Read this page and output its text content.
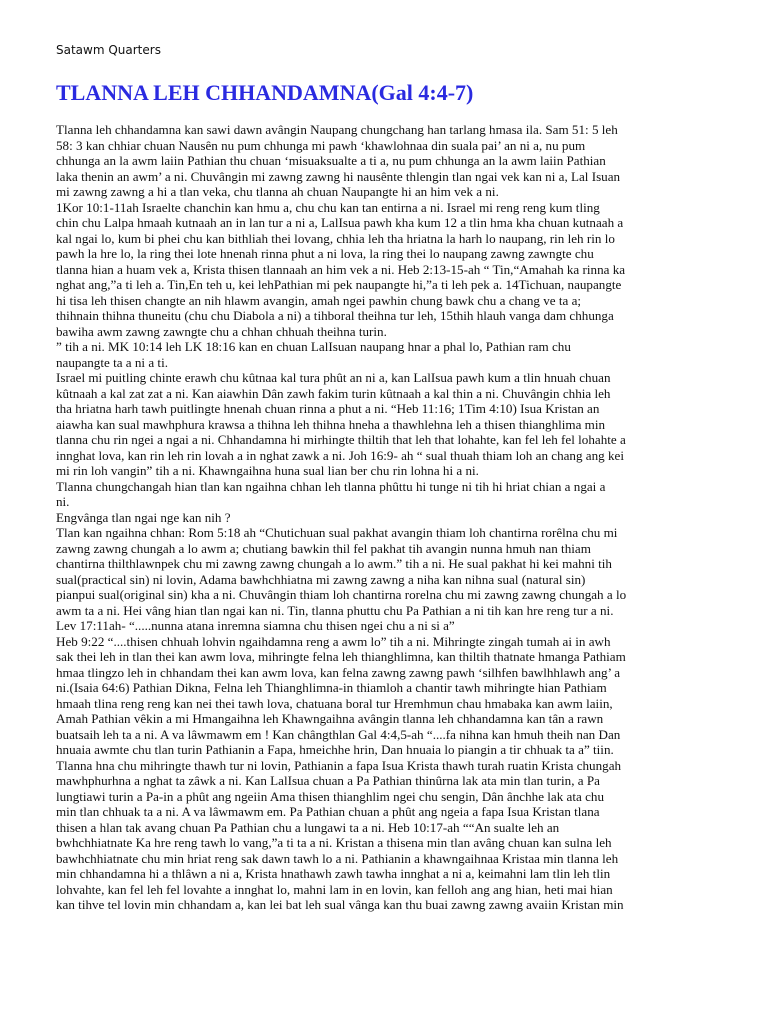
Satawm Quarters
TLANNA LEH CHHANDAMNA(Gal 4:4-7)
Tlanna leh chhandamna kan sawi dawn avângin Naupang chungchang han tarlang hmasa ila. Sam 51: 5 leh
58: 3 kan chhiar chuan Nausên nu pum chhunga mi pawh ‘khawlohnaa din suala pai’ an ni a, nu pum
chhunga an la awm laiin Pathian thu chuan ‘misuaksualte a ti a, nu pum chhunga an la awm laiin Pathian
laka thenin an awm’ a ni. Chuvângin mi zawng zawng hi nausênte thlengin tlan ngai vek kan ni a, Lal Isuan
mi zawng zawng a hi a tlan veka, chu tlanna ah chuan Naupangte hi an him vek a ni.
1Kor 10:1-11ah Israelte chanchin kan hmu a, chu chu kan tan entirna a ni. Israel mi reng reng kum tling
chin chu Lalpa hmaah kutnaah an in lan tur a ni a, LalIsua pawh kha kum 12 a tlin hma kha chuan kutnaah a
kal ngai lo, kum bi phei chu kan bithliah thei lovang, chhia leh tha hriatna la harh lo naupang, rin leh rin lo
pawh la hre lo, la ring thei lote hnenah rinna phut a ni lova, la ring thei lo naupang zawng zawngte chu
tlanna hian a huam vek a, Krista thisen tlannaah an him vek a ni. Heb 2:13-15-ah “ Tin,“Amahah ka rinna ka
nghat ang,”a ti leh a. Tin,En teh u, kei lehPathian mi pek naupangte hi,”a ti leh pek a. 14Tichuan, naupangte
hi tisa leh thisen changte an nih hlawm avangin, amah ngei pawhin chung bawk chu a chang ve ta a;
thihnain thihna thuneitu (chu chu Diabola a ni) a tihboral theihna tur leh, 15thih hlauh vanga dam chhunga
bawiha awm zawng zawngte chu a chhan chhuah theihna turin.
” tih a ni. MK 10:14 leh LK 18:16 kan en chuan LalIsuan naupang hnar a phal lo, Pathian ram chu
naupangte ta a ni a ti.
Israel mi puitling chinte erawh chu kûtnaa kal tura phût an ni a, kan LalIsua pawh kum a tlin hnuah chuan
kûtnaah a kal zat zat a ni. Kan aiawhin Dân zawh fakim turin kûtnaah a kal thin a ni. Chuvângin chhia leh
tha hriatna harh tawh puitlingte hnenah chuan rinna a phut a ni. “Heb 11:16; 1Tim 4:10) Isua Kristan an
aiawha kan sual mawhphura krawsa a thihna leh thihna hneha a thawhlehna leh a thisen thianghlima min
tlanna chu rin ngei a ngai a ni. Chhandamna hi mirhingte thiltih that leh that lohahte, kan fel leh fel lohahte a
innghat lova, kan rin leh rin lovah a in nghat zawk a ni. Joh 16:9- ah “ sual thuah thiam loh an chang ang kei
mi rin loh vangin” tih a ni. Khawngaihna huna sual lian ber chu rin lohna hi a ni.
Tlanna chungchangah hian tlan kan ngaihna chhan leh tlanna phûttu hi tunge ni tih hi hriat chian a ngai a
ni.
Engvânga tlan ngai nge kan nih ?
Tlan kan ngaihna chhan: Rom 5:18 ah “Chutichuan sual pakhat avangin thiam loh chantirna rorêlna chu mi
zawng zawng chungah a lo awm a; chutiang bawkin thil fel pakhat tih avangin nunna hmuh nan thiam
chantirna thilthlawnpek chu mi zawng zawng chungah a lo awm.” tih a ni. He sual pakhat hi kei mahni tih
sual(practical sin) ni lovin, Adama bawhchhiatna mi zawng zawng a niha kan nihna sual (natural sin)
pianpui sual(original sin) kha a ni. Chuvângin thiam loh chantirna rorelna chu mi zawng zawng chungah a lo
awm ta a ni. Hei vâng hian tlan ngai kan ni. Tin, tlanna phuttu chu Pa Pathian a ni tih kan hre reng tur a ni.
Lev 17:11ah- “.....nunna atana inremna siamna chu thisen ngei chu a ni si a”
Heb 9:22 “....thisen chhuah lohvin ngaihdamna reng a awm lo” tih a ni. Mihringte zingah tumah ai in awh
sak thei leh in tlan thei kan awm lova, mihringte felna leh thianghlimna, kan thiltih thatnate hmanga Pathiam
hmaa tlingzo leh in chhandam thei kan awm lova, kan felna zawng zawng pawh ‘silhfen bawlhhlawh ang’ a
ni.(Isaia 64:6) Pathian Dikna, Felna leh Thianghlimna-in thiamloh a chantir tawh mihringte hian Pathiam
hmaah tlina reng reng kan nei thei tawh lova, chatuana boral tur Hremhmun chau hmabaka kan awm laiin,
Amah Pathian vêkin a mi Hmangaihna leh Khawngaihna avângin tlanna leh chhandamna kan tân a rawn
buatsaih leh ta a ni. A va lâwmawm em ! Kan chângthlan Gal 4:4,5-ah “....fa nihna kan hmuh theih nan Dan
hnuaia awmte chu tlan turin Pathianin a Fapa, hmeichhe hrin, Dan hnuaia lo piangin a tir chhuak ta a” tiin.
Tlanna hna chu mihringte thawh tur ni lovin, Pathianin a fapa Isua Krista thawh turah ruatin Krista chungah
mawhphurhna a nghat ta zâwk a ni. Kan LalIsua chuan a Pa Pathian thinûrna lak ata min tlan turin, a Pa
lungtiawi turin a Pa-in a phût ang ngeiin Ama thisen thianghlim ngei chu sengin, Dân ânchhe lak ata chu
min tlan chhuak ta a ni. A va lâwmawm em. Pa Pathian chuan a phût ang ngeia a fapa Isua Kristan tlana
thisen a hlan tak avang chuan Pa Pathian chu a lungawi ta a ni. Heb 10:17-ah ““An sualte leh an
bwhchhiatnate Ka hre reng tawh lo vang,”a ti ta a ni. Kristan a thisena min tlan avâng chuan kan sulna leh
bawhchhiatnate chu min hriat reng sak dawn tawh lo a ni. Pathianin a khawngaihnaa Kristaa min tlanna leh
min chhandamna hi a thlâwn a ni a, Krista hnathawh zawh tawha innghat a ni a, keimahni lam tlin leh tlin
lohvahte, kan fel leh fel lovahte a innghat lo, mahni lam in en lovin, kan felloh ang ang hian, heti mai hian
kan tihve tel lovin min chhandam a, kan lei bat leh sual vânga kan thu buai zawng zawng avaiin Kristan min
